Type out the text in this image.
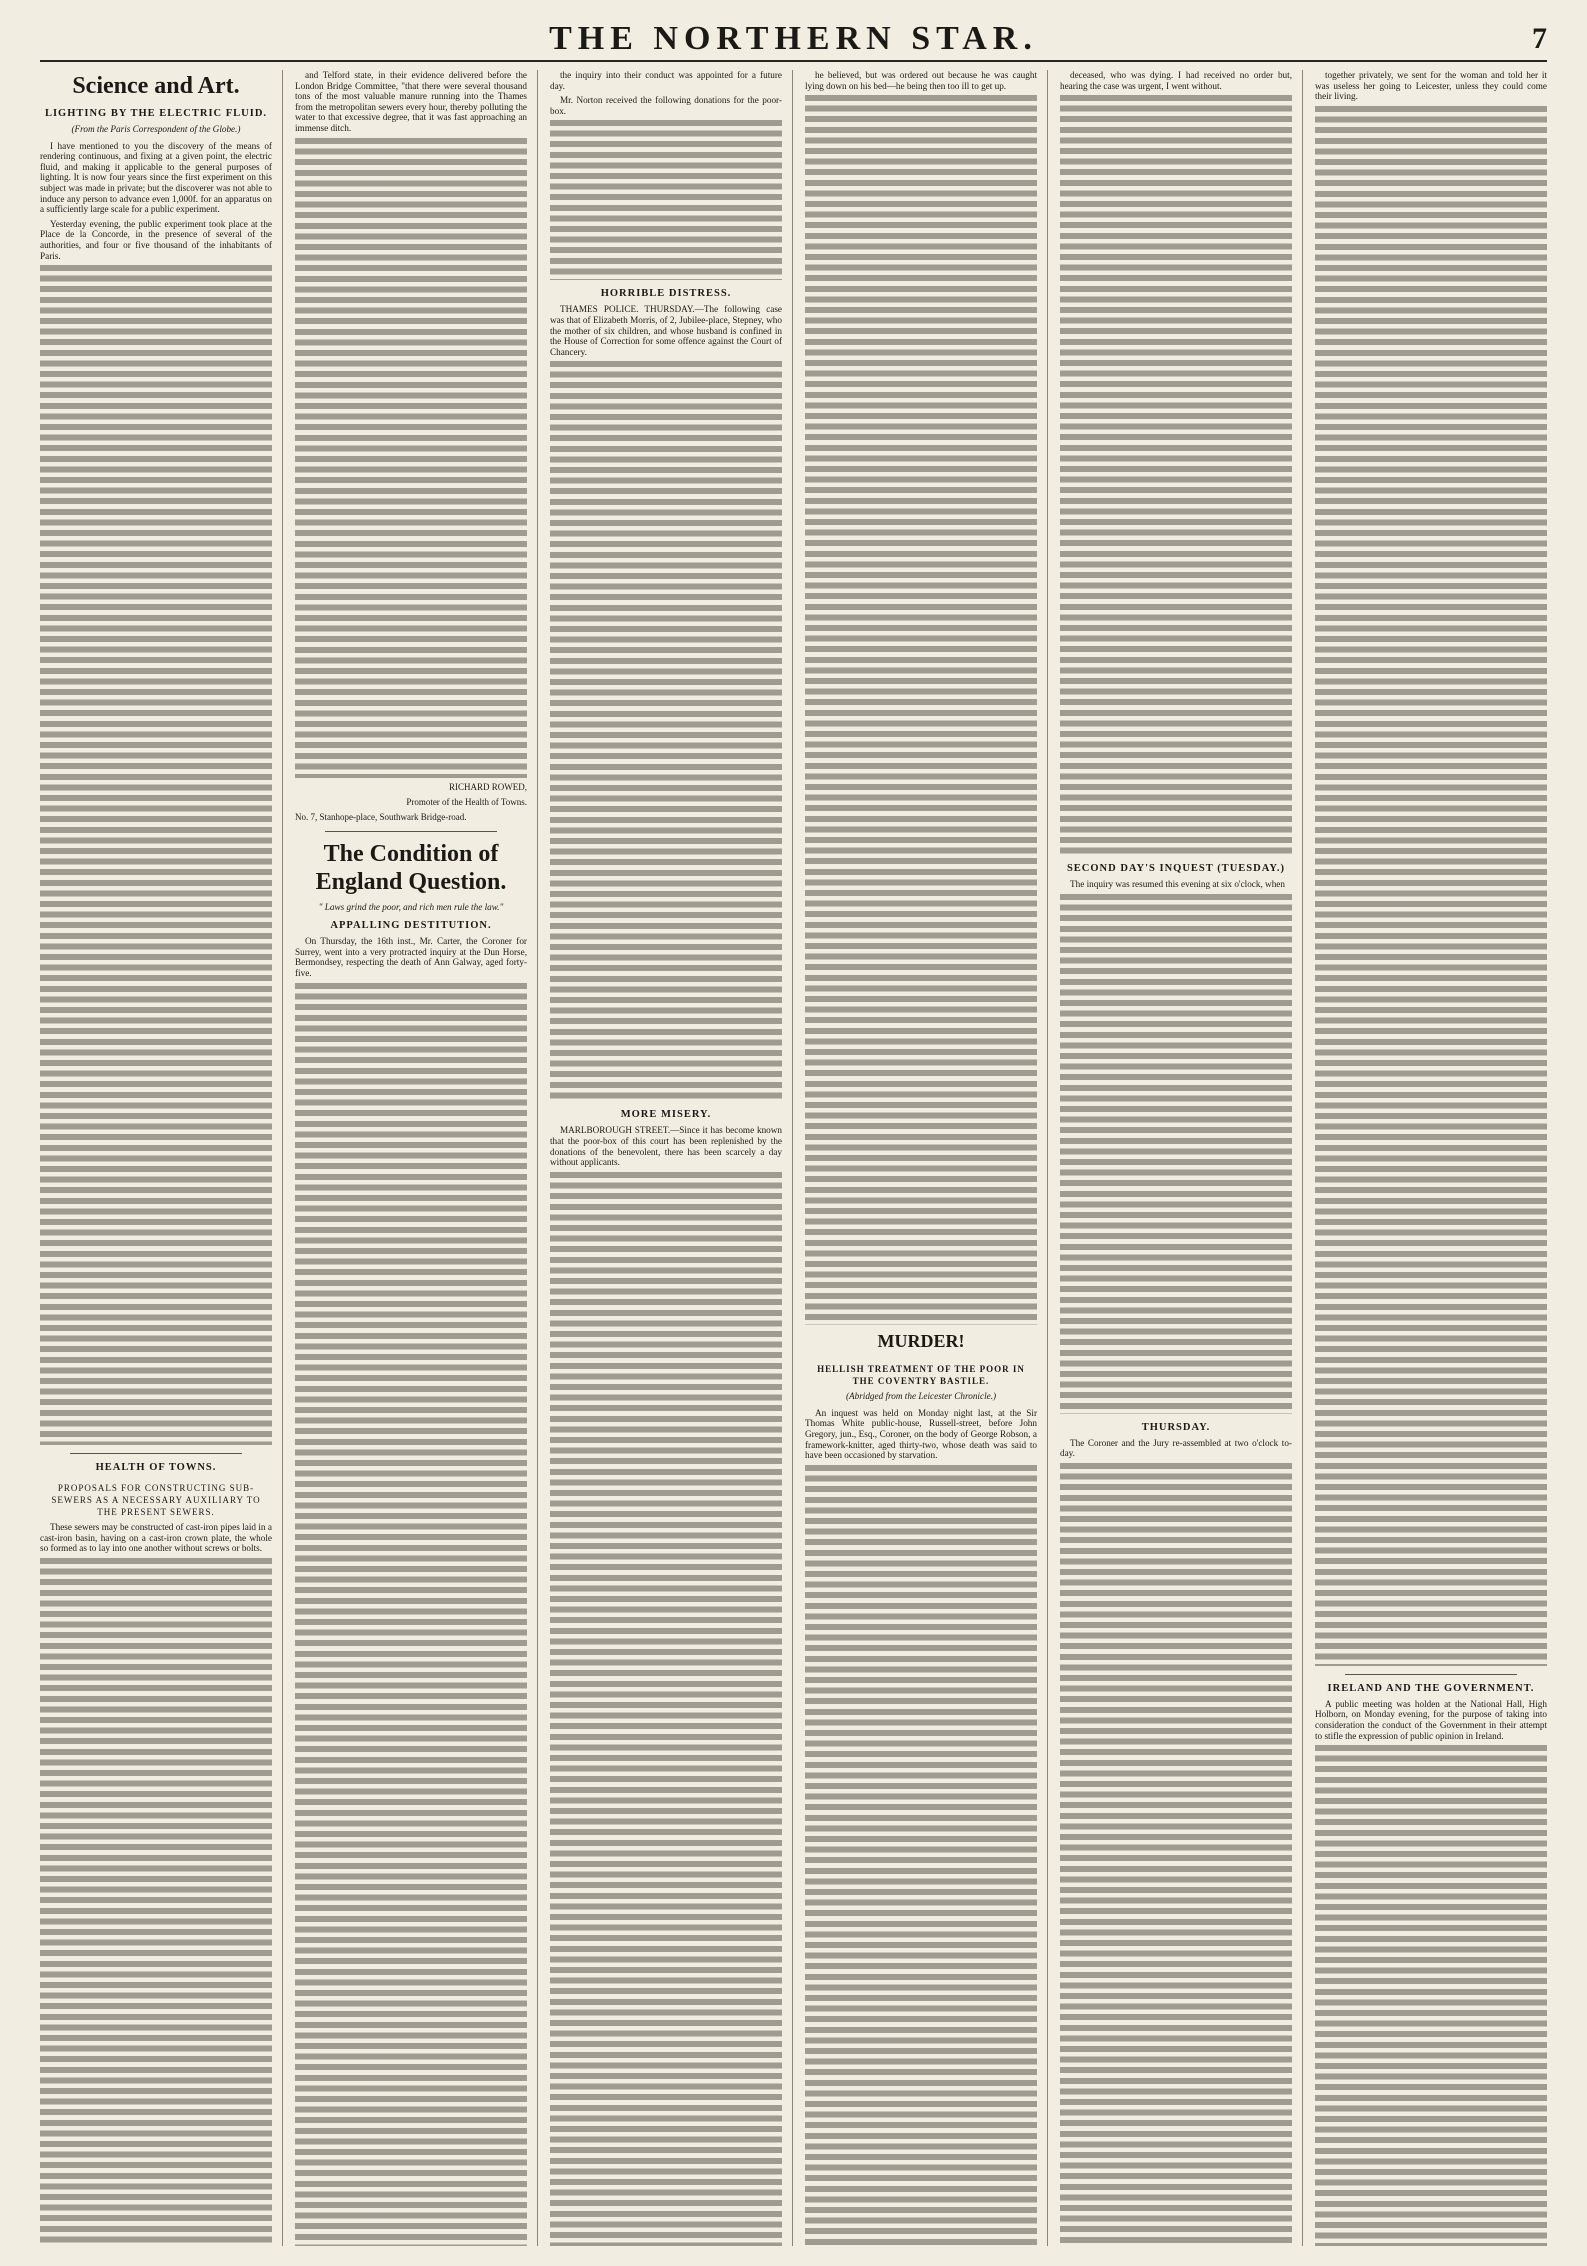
THE NORTHERN STAR.	7
Science and Art.
LIGHTING BY THE ELECTRIC FLUID.
(From the Paris Correspondent of the Globe.)

I have mentioned to you the discovery of the means of rendering continuous, and fixing at a given point, the electric fluid, and making it applicable to the general purposes of lighting. It is now four years since the first experiment on this subject was made in private; but the discoverer was not able to induce any person to advance even 1,000f. for an apparatus on a sufficiently large scale for a public experiment.

Yesterday evening, the public experiment took place at the Place de la Concorde, in the presence of several of the authorities, and four or five thousand of the inhabitants of Paris.

HEALTH OF TOWNS.
PROPOSALS FOR CONSTRUCTING SUB-SEWERS AS A NECESSARY AUXILIARY TO THE PRESENT SEWERS.

These sewers may be constructed of cast-iron pipes laid in a cast-iron basin, having on a cast-iron crown plate, the whole so formed as to lay into one another without screws or bolts.

and Telford state, in their evidence delivered before the London Bridge Committee, "that there were several thousand tons of the most valuable manure running into the Thames from the metropolitan sewers every hour, thereby polluting the water to that excessive degree, that it was fast approaching an immense ditch.

RICHARD ROWED,
Promoter of the Health of Towns.
No. 7, Stanhope-place, Southwark Bridge-road.
The Condition of England Question.
" Laws grind the poor, and rich men rule the law."
APPALLING DESTITUTION.

On Thursday, the 16th inst., Mr. Carter, the Coroner for Surrey, went into a very protracted inquiry at the Dun Horse, Bermondsey, respecting the death of Ann Galway, aged forty-five.

the inquiry into their conduct was appointed for a future day.

Mr. Norton received the following donations for the poor-box.

HORRIBLE DISTRESS.

THAMES POLICE. THURSDAY.—The following case was that of Elizabeth Morris, of 2, Jubilee-place, Stepney, who the mother of six children, and whose husband is confined in the House of Correction for some offence against the Court of Chancery.

MORE MISERY.

MARLBOROUGH STREET.—Since it has become known that the poor-box of this court has been replenished by the donations of the benevolent, there has been scarcely a day without applicants.

he believed, but was ordered out because he was caught lying down on his bed—he being then too ill to get up.

MURDER!
HELLISH TREATMENT OF THE POOR IN THE COVENTRY BASTILE.
(Abridged from the Leicester Chronicle.)

An inquest was held on Monday night last, at the Sir Thomas White public-house, Russell-street, before John Gregory, jun., Esq., Coroner, on the body of George Robson, a framework-knitter, aged thirty-two, whose death was said to have been occasioned by starvation.

deceased, who was dying. I had received no order but, hearing the case was urgent, I went without.

SECOND DAY'S INQUEST (TUESDAY.)

The inquiry was resumed this evening at six o'clock, when

THURSDAY.

The Coroner and the Jury re-assembled at two o'clock to-day.

together privately, we sent for the woman and told her it was useless her going to Leicester, unless they could come their living.

IRELAND AND THE GOVERNMENT.

A public meeting was holden at the National Hall, High Holborn, on Monday evening, for the purpose of taking into consideration the conduct of the Government in their attempt to stifle the expression of public opinion in Ireland.
